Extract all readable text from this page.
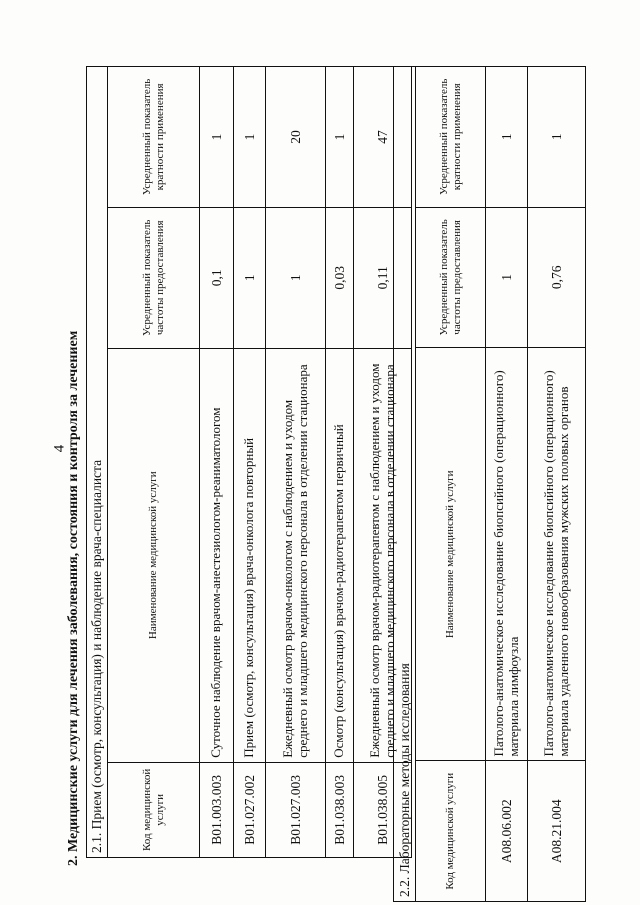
4
2. Медицинские услуги для лечения заболевания, состояния и контроля за лечением 2.1. Прием (осмотр, консультация) и наблюдение врача-специалиста			
Код медицинской услуги	Наименование медицинской услуги	Усредненный показатель частоты предоставления	Усредненный показатель кратности применения
B01.003.003	Суточное наблюдение врачом-анестезиологом-реаниматологом	0,1	1
B01.027.002	Прием (осмотр, консультация) врача-онколога повторный	1	1
B01.027.003	Ежедневный осмотр врачом-онкологом с наблюдением и уходом среднего и младшего медицинского персонала в отделении стационара	1	20
B01.038.003	Осмотр (консультация) врачом-радиотерапевтом первичный	0,03	1
B01.038.005	Ежедневный осмотр врачом-радиотерапевтом с наблюдением и уходом среднего и младшего медицинского персонала в отделении стационара	0,11	47
2.2. Лабораторные методы исследования			
Код медицинской услуги	Наименование медицинской услуги	Усредненный показатель частоты предоставления	Усредненный показатель кратности применения
A08.06.002	Патолого-анатомическое исследование биопсийного (операционного) материала лимфоузла	1	1
A08.21.004	Патолого-анатомическое исследование биопсийного (операционного) материала удаленного новообразования мужских половых органов	0,76	1
